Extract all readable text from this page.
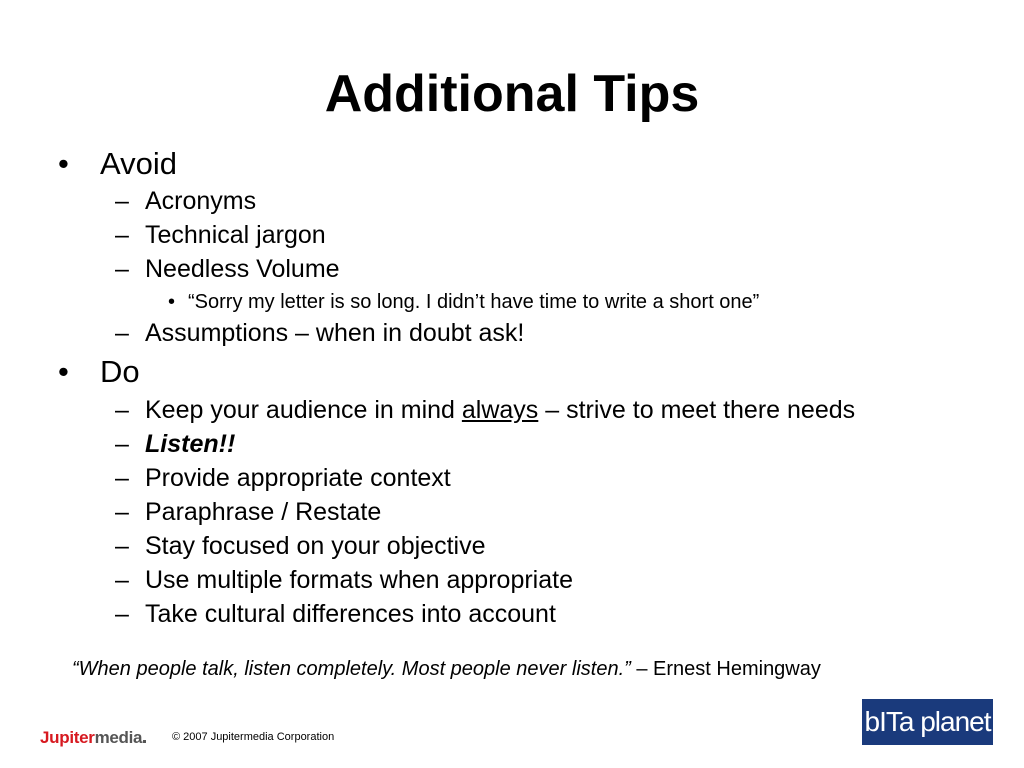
Additional Tips
• Avoid
– Acronyms
– Technical jargon
– Needless Volume
• “Sorry my letter is so long. I didn’t have time to write a short one”
– Assumptions – when in doubt ask!
• Do
– Keep your audience in mind always – strive to meet there needs
– Listen!!
– Provide appropriate context
– Paraphrase / Restate
– Stay focused on your objective
– Use multiple formats when appropriate
– Take cultural differences into account
“When people talk, listen completely. Most people never listen.” – Ernest Hemingway
Jupitermedia	© 2007 Jupitermedia Corporation	bITa planet
